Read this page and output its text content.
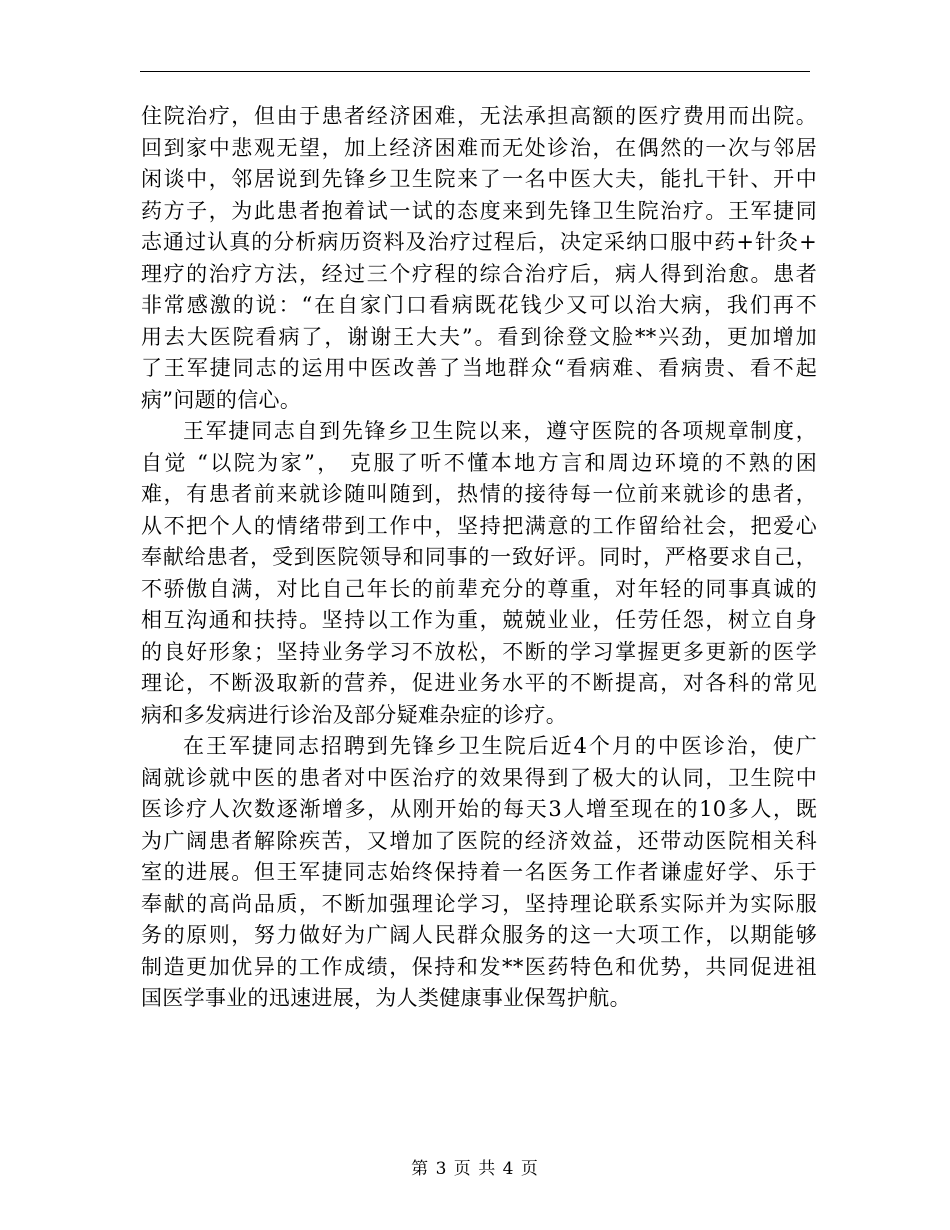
住院治疗，但由于患者经济困难，无法承担高额的医疗费用而出院。
回到家中悲观无望，加上经济困难而无处诊治，在偶然的一次与邻居
闲谈中，邻居说到先锋乡卫生院来了一名中医大夫，能扎干针、开中
药方子，为此患者抱着试一试的态度来到先锋卫生院治疗。王军捷同
志通过认真的分析病历资料及治疗过程后，决定采纳口服中药+针灸+
理疗的治疗方法，经过三个疗程的综合治疗后，病人得到治愈。患者
非常感激的说：“在自家门口看病既花钱少又可以治大病，我们再不
用去大医院看病了，谢谢王大夫”。看到徐登文脸**兴劲，更加增加
了王军捷同志的运用中医改善了当地群众“看病难、看病贵、看不起
病”问题的信心。
王军捷同志自到先锋乡卫生院以来，遵守医院的各项规章制度，
自觉 “以院为家”， 克服了听不懂本地方言和周边环境的不熟的困
难，有患者前来就诊随叫随到，热情的接待每一位前来就诊的患者，
从不把个人的情绪带到工作中，坚持把满意的工作留给社会，把爱心
奉献给患者，受到医院领导和同事的一致好评。同时，严格要求自己，
不骄傲自满，对比自己年长的前辈充分的尊重，对年轻的同事真诚的
相互沟通和扶持。坚持以工作为重，兢兢业业，任劳任怨，树立自身
的良好形象；坚持业务学习不放松，不断的学习掌握更多更新的医学
理论，不断汲取新的营养，促进业务水平的不断提高，对各科的常见
病和多发病进行诊治及部分疑难杂症的诊疗。
在王军捷同志招聘到先锋乡卫生院后近4个月的中医诊治，使广
阔就诊就中医的患者对中医治疗的效果得到了极大的认同，卫生院中
医诊疗人次数逐渐增多，从刚开始的每天3人增至现在的10多人，既
为广阔患者解除疾苦，又增加了医院的经济效益，还带动医院相关科
室的进展。但王军捷同志始终保持着一名医务工作者谦虚好学、乐于
奉献的高尚品质，不断加强理论学习，坚持理论联系实际并为实际服
务的原则，努力做好为广阔人民群众服务的这一大项工作，以期能够
制造更加优异的工作成绩，保持和发**医药特色和优势，共同促进祖
国医学事业的迅速进展，为人类健康事业保驾护航。
第 3 页 共 4 页
